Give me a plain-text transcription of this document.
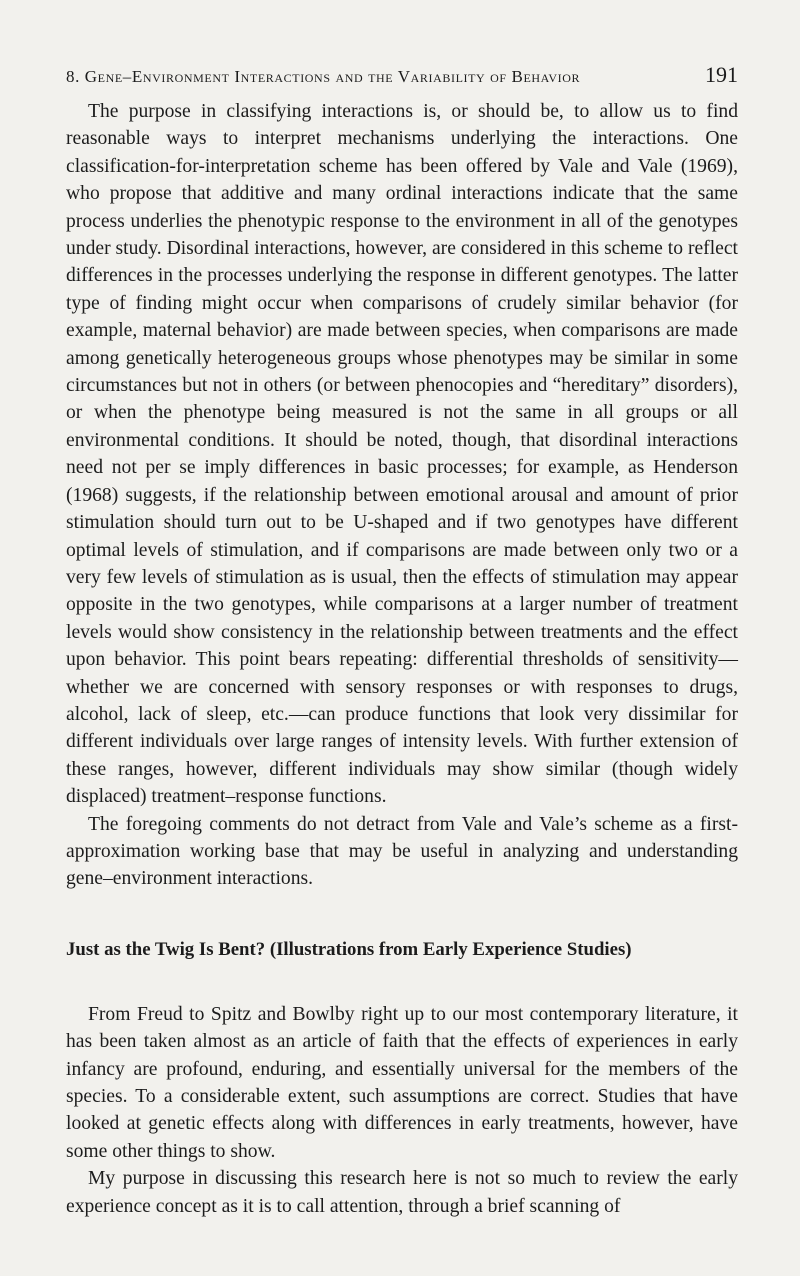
8. Gene–Environment Interactions and the Variability of Behavior	191

The purpose in classifying interactions is, or should be, to allow us to find reasonable ways to interpret mechanisms underlying the interactions. One classification-for-interpretation scheme has been offered by Vale and Vale (1969), who propose that additive and many ordinal interactions indicate that the same process underlies the phenotypic response to the environment in all of the genotypes under study. Disordinal interactions, however, are considered in this scheme to reflect differences in the processes underlying the response in different genotypes. The latter type of finding might occur when comparisons of crudely similar behavior (for example, maternal behavior) are made between species, when comparisons are made among genetically heterogeneous groups whose phenotypes may be similar in some circumstances but not in others (or between phenocopies and “hereditary” disorders), or when the phenotype being measured is not the same in all groups or all environmental conditions. It should be noted, though, that disordinal interactions need not per se imply differences in basic processes; for example, as Henderson (1968) suggests, if the relationship between emotional arousal and amount of prior stimulation should turn out to be U-shaped and if two genotypes have different optimal levels of stimulation, and if comparisons are made between only two or a very few levels of stimulation as is usual, then the effects of stimulation may appear opposite in the two genotypes, while comparisons at a larger number of treatment levels would show consistency in the relationship between treatments and the effect upon behavior. This point bears repeating: differential thresholds of sensitivity—whether we are concerned with sensory responses or with responses to drugs, alcohol, lack of sleep, etc.—can produce functions that look very dissimilar for different individuals over large ranges of intensity levels. With further extension of these ranges, however, different individuals may show similar (though widely displaced) treatment–response functions.

The foregoing comments do not detract from Vale and Vale’s scheme as a first-approximation working base that may be useful in analyzing and understanding gene–environment interactions.

Just as the Twig Is Bent? (Illustrations from Early Experience Studies)

From Freud to Spitz and Bowlby right up to our most contemporary literature, it has been taken almost as an article of faith that the effects of experiences in early infancy are profound, enduring, and essentially universal for the members of the species. To a considerable extent, such assumptions are correct. Studies that have looked at genetic effects along with differences in early treatments, however, have some other things to show.

My purpose in discussing this research here is not so much to review the early experience concept as it is to call attention, through a brief scanning of
